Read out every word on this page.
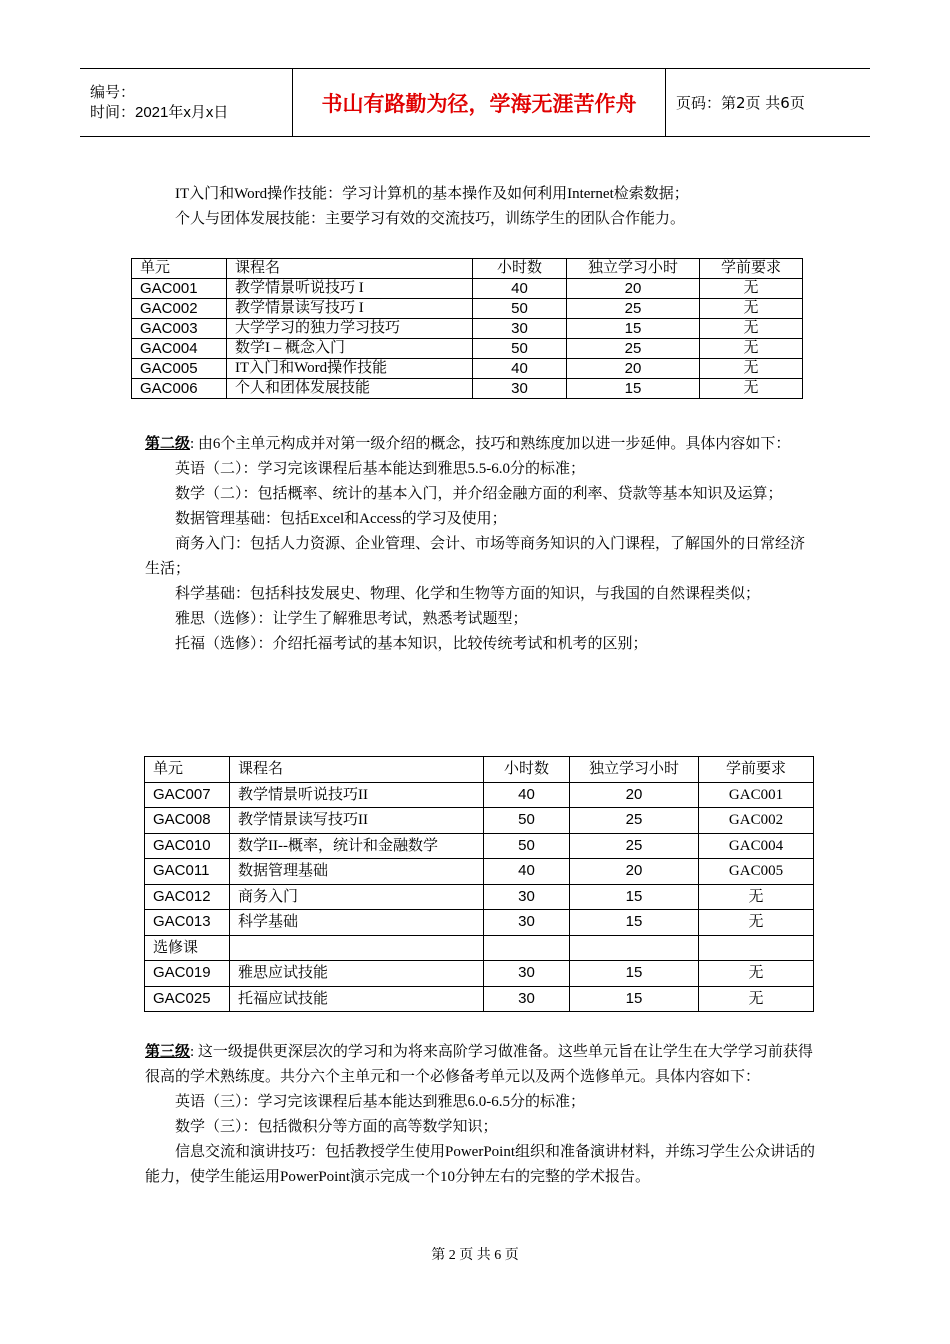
编号：
时间：2021年x月x日	书山有路勤为径，学海无涯苦作舟	页码：第2页 共6页
IT入门和Word操作技能：学习计算机的基本操作及如何利用Internet检索数据；
个人与团体发展技能：主要学习有效的交流技巧，训练学生的团队合作能力。
单元	课程名	小时数	独立学习小时	学前要求
GAC001	教学情景听说技巧 I	40	20	无
GAC002	教学情景读写技巧 I	50	25	无
GAC003	大学学习的独力学习技巧	30	15	无
GAC004	数学I – 概念入门	50	25	无
GAC005	IT入门和Word操作技能	40	20	无
GAC006	个人和团体发展技能	30	15	无
第二级: 由6个主单元构成并对第一级介绍的概念，技巧和熟练度加以进一步延伸。具体内容如下：
英语（二）：学习完该课程后基本能达到雅思5.5-6.0分的标准；
数学（二）：包括概率、统计的基本入门，并介绍金融方面的利率、贷款等基本知识及运算；
数据管理基础：包括Excel和Access的学习及使用；
商务入门：包括人力资源、企业管理、会计、市场等商务知识的入门课程，了解国外的日常经济生活；
科学基础：包括科技发展史、物理、化学和生物等方面的知识，与我国的自然课程类似；
雅思（选修）：让学生了解雅思考试，熟悉考试题型；
托福（选修）：介绍托福考试的基本知识，比较传统考试和机考的区别；
单元	课程名	小时数	独立学习小时	学前要求
GAC007	教学情景听说技巧II	40	20	GAC001
GAC008	教学情景读写技巧II	50	25	GAC002
GAC010	数学II--概率，统计和金融数学	50	25	GAC004
GAC011	数据管理基础	40	20	GAC005
GAC012	商务入门	30	15	无
GAC013	科学基础	30	15	无
选修课				
GAC019	雅思应试技能	30	15	无
GAC025	托福应试技能	30	15	无
第三级: 这一级提供更深层次的学习和为将来高阶学习做准备。这些单元旨在让学生在大学学习前获得很高的学术熟练度。共分六个主单元和一个必修备考单元以及两个选修单元。具体内容如下：
英语（三）：学习完该课程后基本能达到雅思6.0-6.5分的标准；
数学（三）：包括微积分等方面的高等数学知识；
信息交流和演讲技巧：包括教授学生使用PowerPoint组织和准备演讲材料，并练习学生公众讲话的能力，使学生能运用PowerPoint演示完成一个10分钟左右的完整的学术报告。
第 2 页 共 6 页
